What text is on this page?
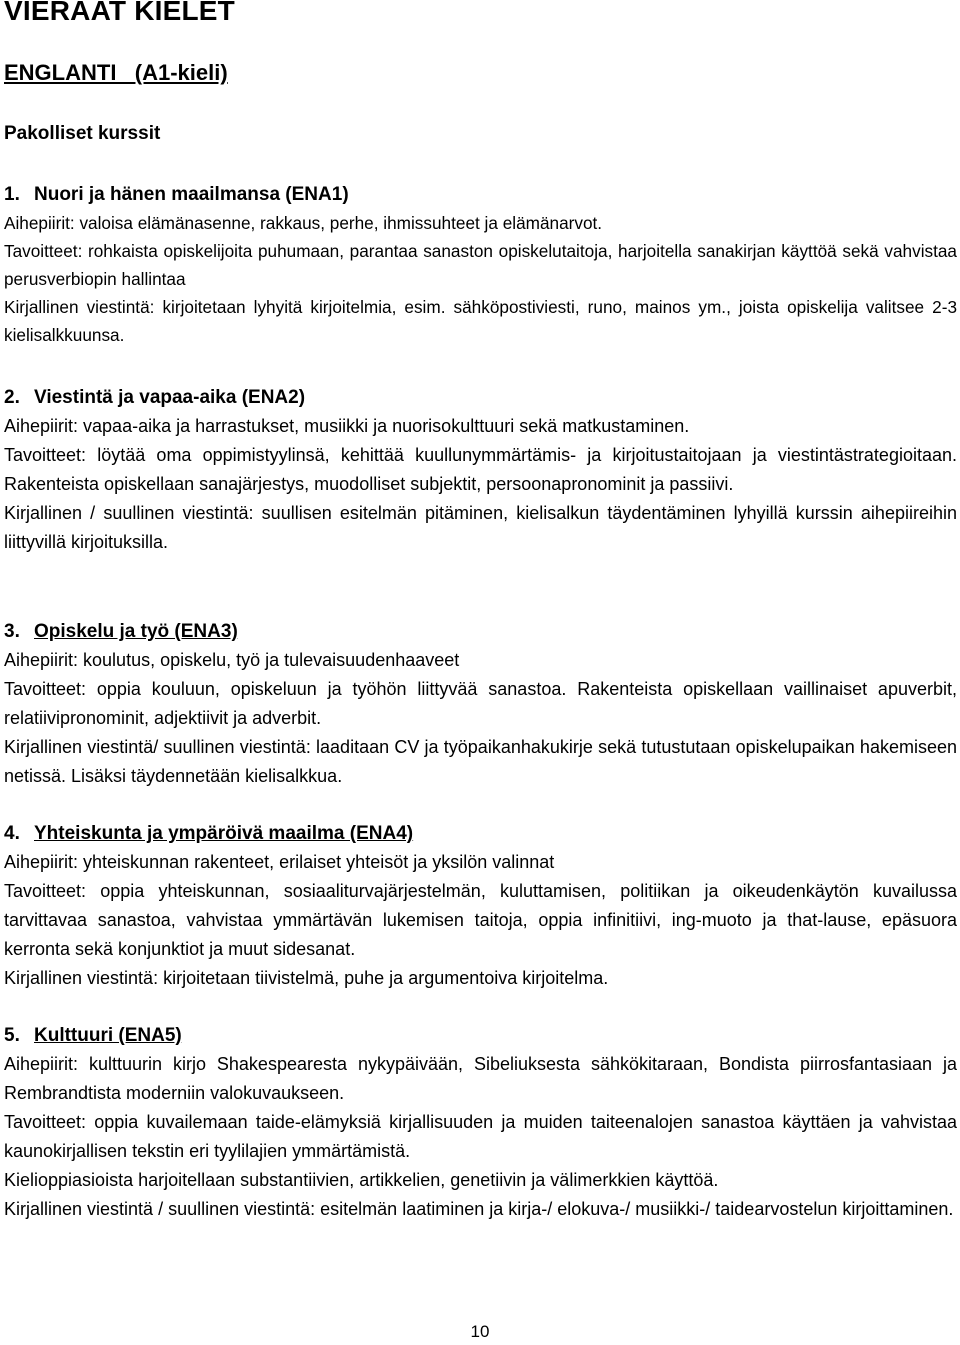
VIERAAT KIELET
ENGLANTI   (A1-kieli)
Pakolliset kurssit
1. Nuori ja hänen maailmansa (ENA1)

Aihepiirit: valoisa elämänasenne, rakkaus, perhe, ihmissuhteet ja elämänarvot.

Tavoitteet: rohkaista opiskelijoita puhumaan, parantaa sanaston opiskelutaitoja, harjoitella sanakirjan käyttöä sekä vahvistaa perusverbiopin hallintaa

Kirjallinen viestintä: kirjoitetaan lyhyitä kirjoitelmia, esim. sähköpostiviesti, runo, mainos ym., joista opiskelija valitsee 2-3 kielisalkkuunsa.

2. Viestintä ja vapaa-aika (ENA2)

Aihepiirit: vapaa-aika ja harrastukset, musiikki ja nuorisokulttuuri sekä matkustaminen.

Tavoitteet: löytää oma oppimistyylinsä, kehittää kuullunymmärtämis- ja kirjoitustaitojaan ja viestintästrategioitaan. Rakenteista opiskellaan sanajärjestys, muodolliset subjektit, persoonapronominit ja passiivi.

Kirjallinen / suullinen viestintä: suullisen esitelmän pitäminen, kielisalkun täydentäminen lyhyillä kurssin aihepiireihin liittyvillä kirjoituksilla.

3. Opiskelu ja työ (ENA3)

Aihepiirit: koulutus, opiskelu, työ ja tulevaisuudenhaaveet

Tavoitteet: oppia kouluun, opiskeluun ja työhön liittyvää sanastoa. Rakenteista opiskellaan vaillinaiset apuverbit, relatiivipronominit, adjektiivit ja adverbit.

Kirjallinen viestintä/ suullinen viestintä: laaditaan CV ja työpaikanhakukirje sekä tutustutaan opiskelupaikan hakemiseen netissä. Lisäksi täydennetään kielisalkkua.

4. Yhteiskunta ja ympäröivä maailma (ENA4)

Aihepiirit: yhteiskunnan rakenteet, erilaiset yhteisöt ja yksilön valinnat

Tavoitteet: oppia yhteiskunnan, sosiaaliturvajärjestelmän, kuluttamisen, politiikan ja oikeudenkäytön kuvailussa tarvittavaa sanastoa, vahvistaa ymmärtävän lukemisen taitoja, oppia infinitiivi, ing-muoto ja that-lause, epäsuora kerronta sekä konjunktiot ja muut sidesanat.

Kirjallinen viestintä: kirjoitetaan tiivistelmä, puhe ja argumentoiva kirjoitelma.

5. Kulttuuri (ENA5)

Aihepiirit: kulttuurin kirjo Shakespearesta nykypäivään, Sibeliuksesta sähkökitaraan, Bondista piirrosfantasiaan ja Rembrandtista moderniin valokuvaukseen.

Tavoitteet: oppia kuvailemaan taide-elämyksiä kirjallisuuden ja muiden taiteenalojen sanastoa käyttäen ja vahvistaa kaunokirjallisen tekstin eri tyylilajien ymmärtämistä.

Kielioppiasioista harjoitellaan substantiivien, artikkelien, genetiivin ja välimerkkien käyttöä.

Kirjallinen viestintä / suullinen viestintä: esitelmän laatiminen ja kirja-/ elokuva-/ musiikki-/ taidearvostelun kirjoittaminen.

10
